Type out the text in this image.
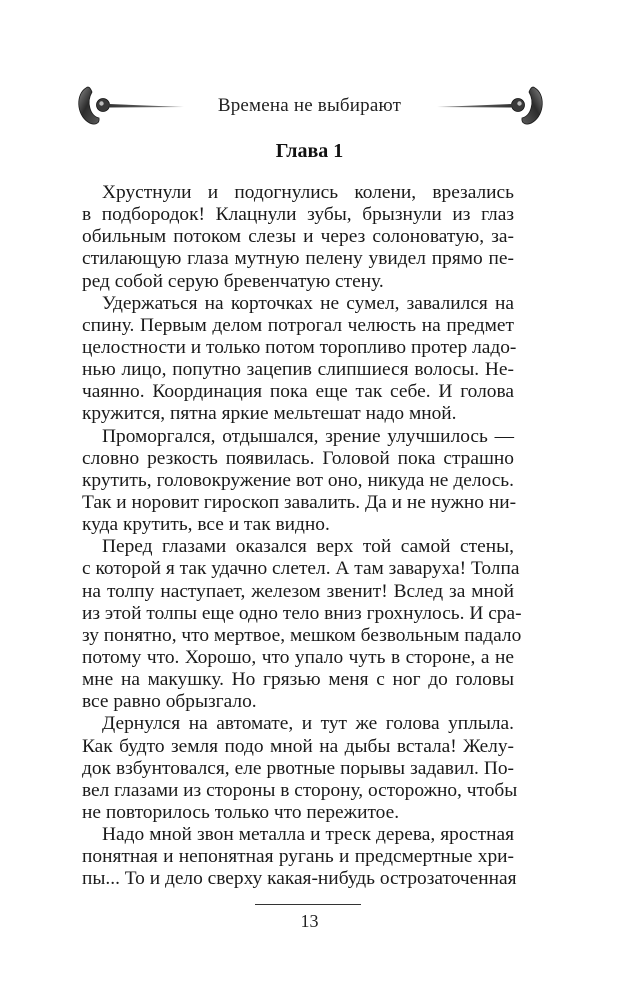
Времена не выбирают
Глава 1
Хрустнули и подогнулись колени, врезались
в подбородок! Клацнули зубы, брызнули из глаз
обильным потоком слезы и через солоноватую, за-
стилающую глаза мутную пелену увидел прямо пе-
ред собой серую бревенчатую стену.
Удержаться на корточках не сумел, завалился на
спину. Первым делом потрогал челюсть на предмет
целостности и только потом торопливо протер ладо-
нью лицо, попутно зацепив слипшиеся волосы. Не-
чаянно. Координация пока еще так себе. И голова
кружится, пятна яркие мельтешат надо мной.
Проморгался, отдышался, зрение улучшилось —
словно резкость появилась. Головой пока страшно
крутить, головокружение вот оно, никуда не делось.
Так и норовит гироскоп завалить. Да и не нужно ни-
куда крутить, все и так видно.
Перед глазами оказался верх той самой стены,
с которой я так удачно слетел. А там заваруха! Толпа
на толпу наступает, железом звенит! Вслед за мной
из этой толпы еще одно тело вниз грохнулось. И сра-
зу понятно, что мертвое, мешком безвольным падало
потому что. Хорошо, что упало чуть в стороне, а не
мне на макушку. Но грязью меня с ног до головы
все равно обрызгало.
Дернулся на автомате, и тут же голова уплыла.
Как будто земля подо мной на дыбы встала! Желу-
док взбунтовался, еле рвотные порывы задавил. По-
вел глазами из стороны в сторону, осторожно, чтобы
не повторилось только что пережитое.
Надо мной звон металла и треск дерева, яростная
понятная и непонятная ругань и предсмертные хри-
пы... То и дело сверху какая-нибудь острозаточенная
13
